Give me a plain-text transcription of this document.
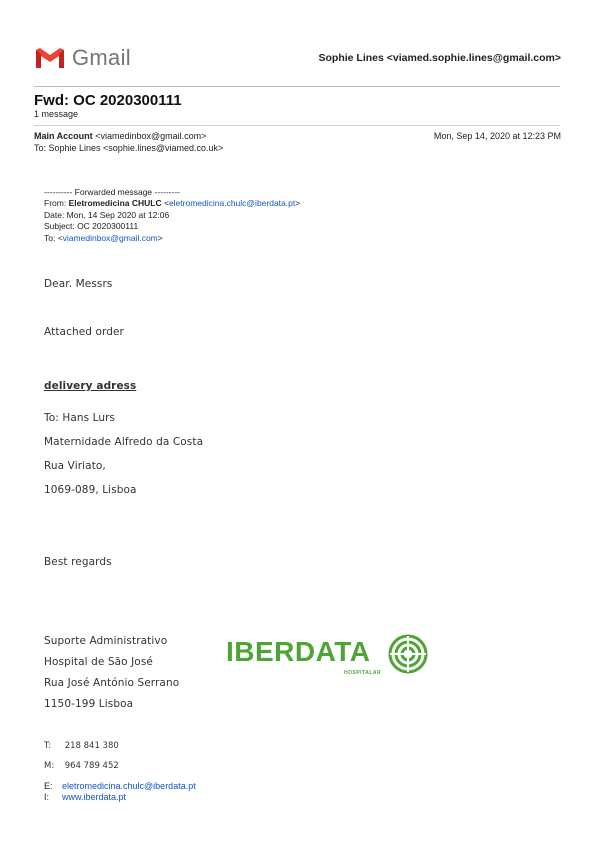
Gmail	Sophie Lines <viamed.sophie.lines@gmail.com>
Fwd: OC 2020300111
1 message
Main Account <viamedinbox@gmail.com>	Mon, Sep 14, 2020 at 12:23 PM
To: Sophie Lines <sophie.lines@viamed.co.uk>
---------- Forwarded message ---------
From: Eletromedicina CHULC <eletromedicina.chulc@iberdata.pt>
Date: Mon, 14 Sep 2020 at 12:06
Subject: OC 2020300111
To: <viamedinbox@gmail.com>
Dear. Messrs
Attached order
delivery adress
To: Hans Lurs
Maternidade Alfredo da Costa
Rua Viriato,
1069-089, Lisboa
Best regards
Suporte Administrativo
Hospital de São José
Rua José António Serrano
1150-199 Lisboa
IBERDATA
HOSPITALAR
T: 218 841 380
M: 964 789 452
E: eletromedicina.chulc@iberdata.pt
I: www.iberdata.pt
